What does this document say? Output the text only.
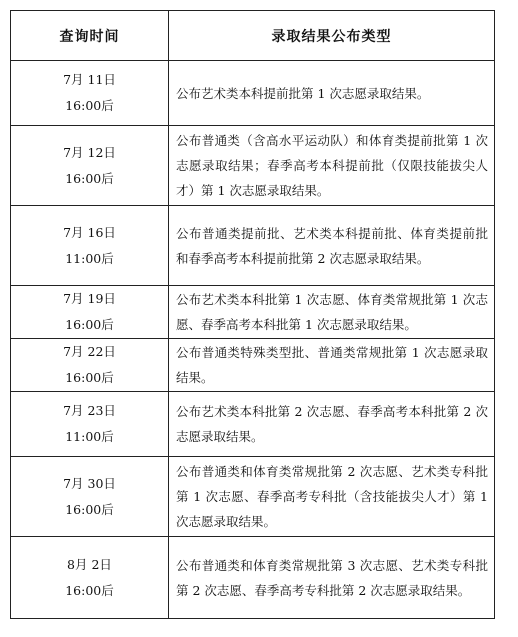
查询时间	录取结果公布类型

7月 11日
16:00后	公布艺术类本科提前批第 1 次志愿录取结果。

7月 12日
16:00后	公布普通类（含高水平运动队）和体育类提前批第 1 次志愿录取结果；春季高考本科提前批（仅限技能拔尖人才）第 1 次志愿录取结果。

7月 16日
11:00后	公布普通类提前批、艺术类本科提前批、体育类提前批和春季高考本科提前批第 2 次志愿录取结果。

7月 19日
16:00后	公布艺术类本科批第 1 次志愿、体育类常规批第 1 次志愿、春季高考本科批第 1 次志愿录取结果。

7月 22日
16:00后	公布普通类特殊类型批、普通类常规批第 1 次志愿录取结果。

7月 23日
11:00后	公布艺术类本科批第 2 次志愿、春季高考本科批第 2 次志愿录取结果。

7月 30日
16:00后	公布普通类和体育类常规批第 2 次志愿、艺术类专科批第 1 次志愿、春季高考专科批（含技能拔尖人才）第 1 次志愿录取结果。

8月 2日
16:00后	公布普通类和体育类常规批第 3 次志愿、艺术类专科批第 2 次志愿、春季高考专科批第 2 次志愿录取结果。
